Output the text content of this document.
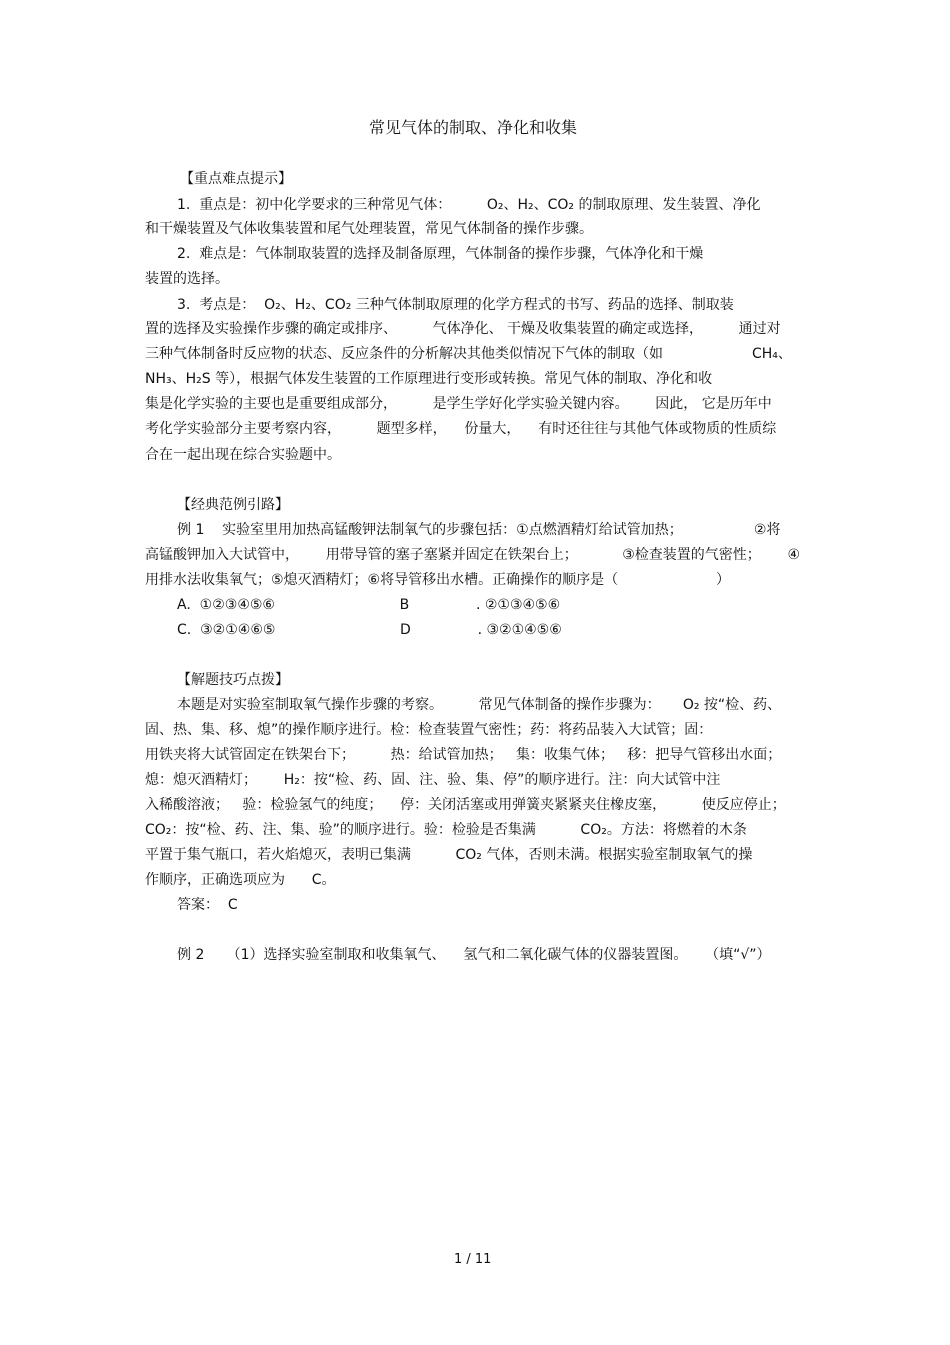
常见气体的制取、净化和收集
【重点难点提示】
1.  重点是：初中化学要求的三种常见气体：        O₂、H₂、CO₂ 的制取原理、发生装置、净化
和干燥装置及气体收集装置和尾气处理装置，常见气体制备的操作步骤。
2.  难点是：气体制取装置的选择及制备原理，气体制备的操作步骤，气体净化和干燥
装置的选择。
3.  考点是：  O₂、H₂、CO₂ 三种气体制取原理的化学方程式的书写、药品的选择、制取装
置的选择及实验操作步骤的确定或排序、        气体净化、 干燥及收集装置的确定或选择，        通过对
三种气体制备时反应物的状态、反应条件的分析解决其他类似情况下气体的制取（如                    CH₄、
NH₃、H₂S 等），根据气体发生装置的工作原理进行变形或转换。常见气体的制取、净化和收
集是化学实验的主要也是重要组成部分，        是学生学好化学实验关键内容。      因此， 它是历年中
考化学实验部分主要考察内容，        题型多样，    份量大，    有时还往往与其他气体或物质的性质综
合在一起出现在综合实验题中。
【经典范例引路】
例 1    实验室里用加热高锰酸钾法制氧气的步骤包括：①点燃酒精灯给试管加热；                ②将
高锰酸钾加入大试管中，      用带导管的塞子塞紧并固定在铁架台上；          ③检查装置的气密性；      ④
用排水法收集氧气；⑤熄灭酒精灯；⑥将导管移出水槽。正确操作的顺序是（                      ）
A.  ①②③④⑤⑥                            B               . ②①③④⑤⑥
C.  ③②①④⑥⑤                            D               . ③②①④⑤⑥
【解题技巧点拨】
本题是对实验室制取氧气操作步骤的考察。        常见气体制备的操作步骤为：     O₂ 按“检、药、
固、热、集、移、熄”的操作顺序进行。检：检查装置气密性；药：将药品装入大试管；固：
用铁夹将大试管固定在铁架台下；        热：给试管加热；   集：收集气体；   移：把导气管移出水面；
熄：熄灭酒精灯；      H₂：按“检、药、固、注、验、集、停”的顺序进行。注：向大试管中注
入稀酸溶液；   验：检验氢气的纯度；    停：关闭活塞或用弹簧夹紧紧夹住橡皮塞，        使反应停止；
CO₂：按“检、药、注、集、验”的顺序进行。验：检验是否集满          CO₂。方法：将燃着的木条
平置于集气瓶口，若火焰熄灭，表明已集满          CO₂ 气体，否则未满。根据实验室制取氧气的操
作顺序，正确选项应为      C。
答案：  C
例 2     （1）选择实验室制取和收集氧气、    氢气和二氧化碳气体的仪器装置图。    （填“√”）
1 / 11
